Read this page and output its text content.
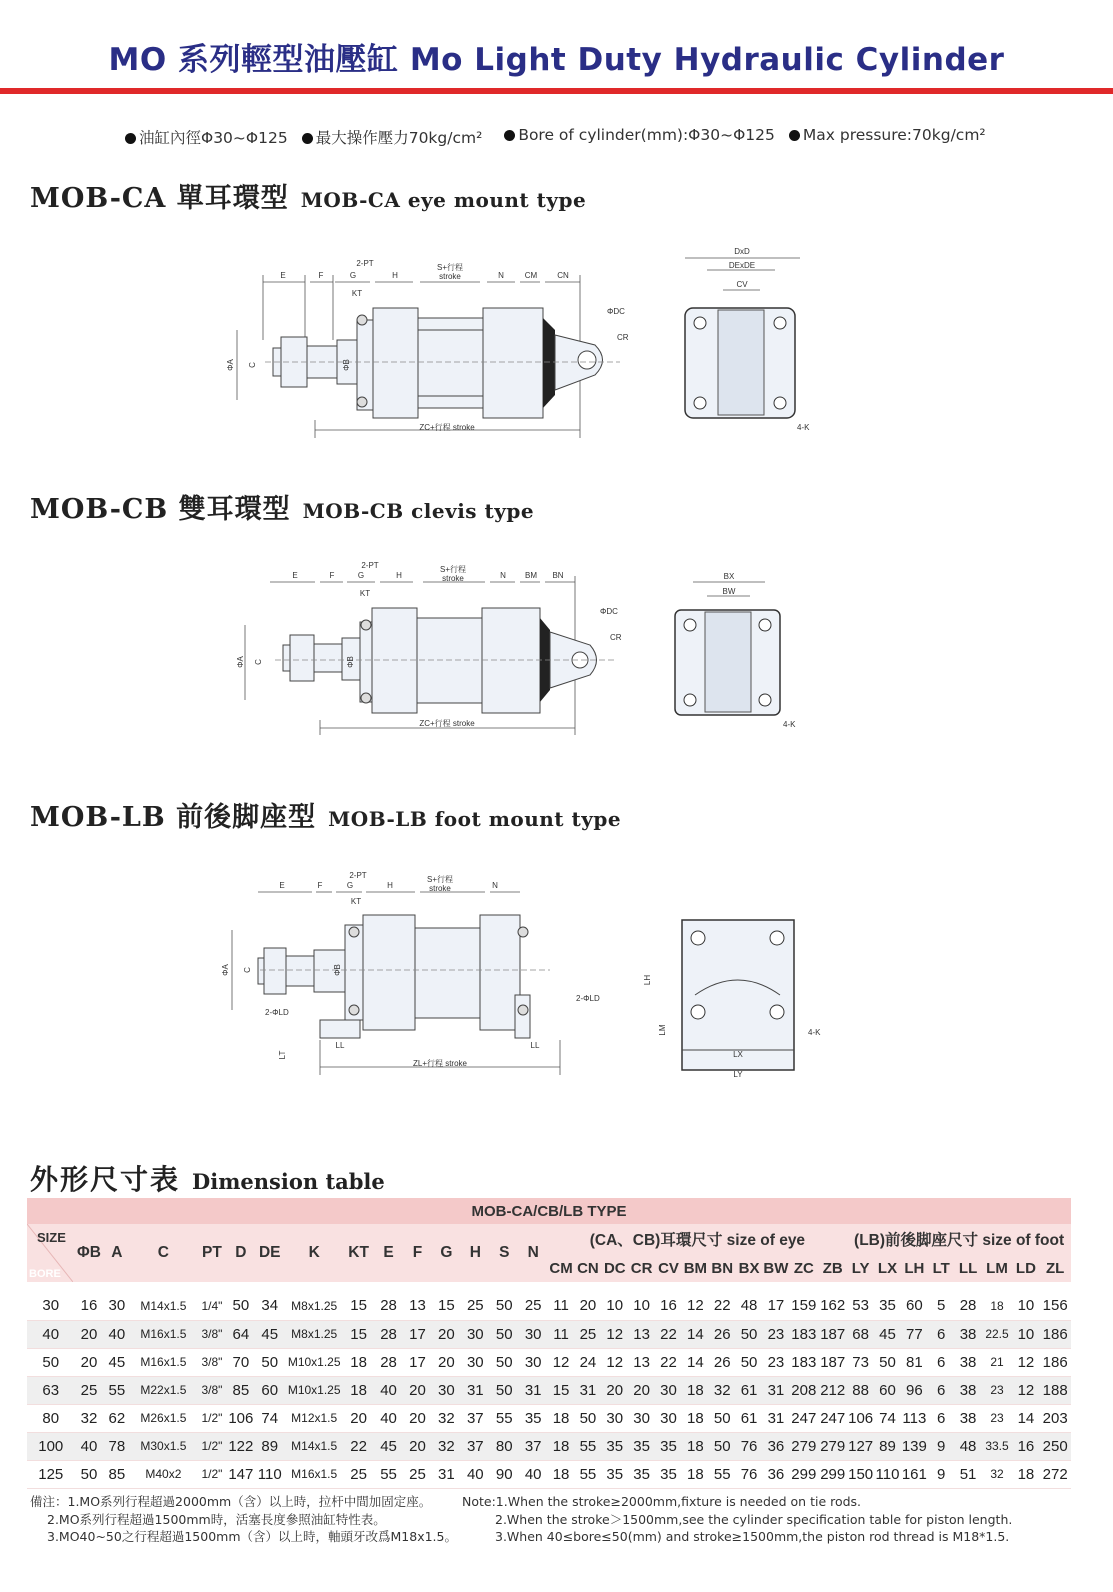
MO 系列輕型油壓缸 Mo Light Duty Hydraulic Cylinder
油缸內徑Φ30~Φ125	最大操作壓力70kg/cm²	Bore of cylinder(mm):Φ30~Φ125	Max pressure:70kg/cm²
MOB-CA 單耳環型 MOB-CA eye mount type
E	F	G
2-PT
H
S+行程
stroke	N	CM CN
KT
ΦDC
CR
ΦA C	ΦB
ZC+行程 stroke
DxD
DExDE
CV
4-K
MOB-CB 雙耳環型 MOB-CB clevis type
E	F	G
2-PT
H
S+行程
stroke	N BM BN
KT
ΦDC
CR
ΦA C	ΦB
ZC+行程 stroke
BX
BW
4-K
MOB-LB 前後脚座型 MOB-LB foot mount type
E	F	G
2-PT
H
S+行程
stroke	N
KT
ΦA C	ΦB
2-ΦLD
2-ΦLD
LT
LL	LL
ZL+行程 stroke
LH
LM	4-K
LX
LY
外形尺寸表 Dimension table
MOB-CA/CB/LB TYPE																																	

SIZE
BORE	ΦB	A	C	PT	D	DE	K	KT	E	F	G	H	S	N	(CA、CB)耳環尺寸 size of eye											(LB)前後脚座尺寸 size of foot							
															CM	CN	DC	CR	CV	BM	BN	BX	BW	ZC	ZB	LY	LX	LH	LT	LL	LM	LD	ZL

30	16	30	M14x1.5	1/4"	50	34	M8x1.25	15	28	13	15	25	50	25	11	20	10	10	16	12	22	48	17	159	162	53	35	60	5	28	18	10	156
40	20	40	M16x1.5	3/8"	64	45	M8x1.25	15	28	17	20	30	50	30	11	25	12	13	22	14	26	50	23	183	187	68	45	77	6	38	22.5	10	186
50	20	45	M16x1.5	3/8"	70	50	M10x1.25	18	28	17	20	30	50	30	12	24	12	13	22	14	26	50	23	183	187	73	50	81	6	38	21	12	186
63	25	55	M22x1.5	3/8"	85	60	M10x1.25	18	40	20	30	31	50	31	15	31	20	20	30	18	32	61	31	208	212	88	60	96	6	38	23	12	188
80	32	62	M26x1.5	1/2"	106	74	M12x1.5	20	40	20	32	37	55	35	18	50	30	30	30	18	50	61	31	247	247	106	74	113	6	38	23	14	203
100	40	78	M30x1.5	1/2"	122	89	M14x1.5	22	45	20	32	37	80	37	18	55	35	35	35	18	50	76	36	279	279	127	89	139	9	48	33.5	16	250
125	50	85	M40x2	1/2"	147	110	M16x1.5	25	55	25	31	40	90	40	18	55	35	35	35	18	55	76	36	299	299	150	110	161	9	51	32	18	272
備注：1.MO系列行程超過2000mm（含）以上時，拉杆中間加固定座。
2.MO系列行程超過1500mm時，活塞長度參照油缸特性表。
3.MO40~50之行程超過1500mm（含）以上時，軸頭牙改爲M18x1.5。
Note:1.When the stroke≥2000mm,fixture is needed on tie rods.
2.When the stroke＞1500mm,see the cylinder specification table for piston length.
3.When 40≤bore≤50(mm) and stroke≥1500mm,the piston rod thread is M18*1.5.
